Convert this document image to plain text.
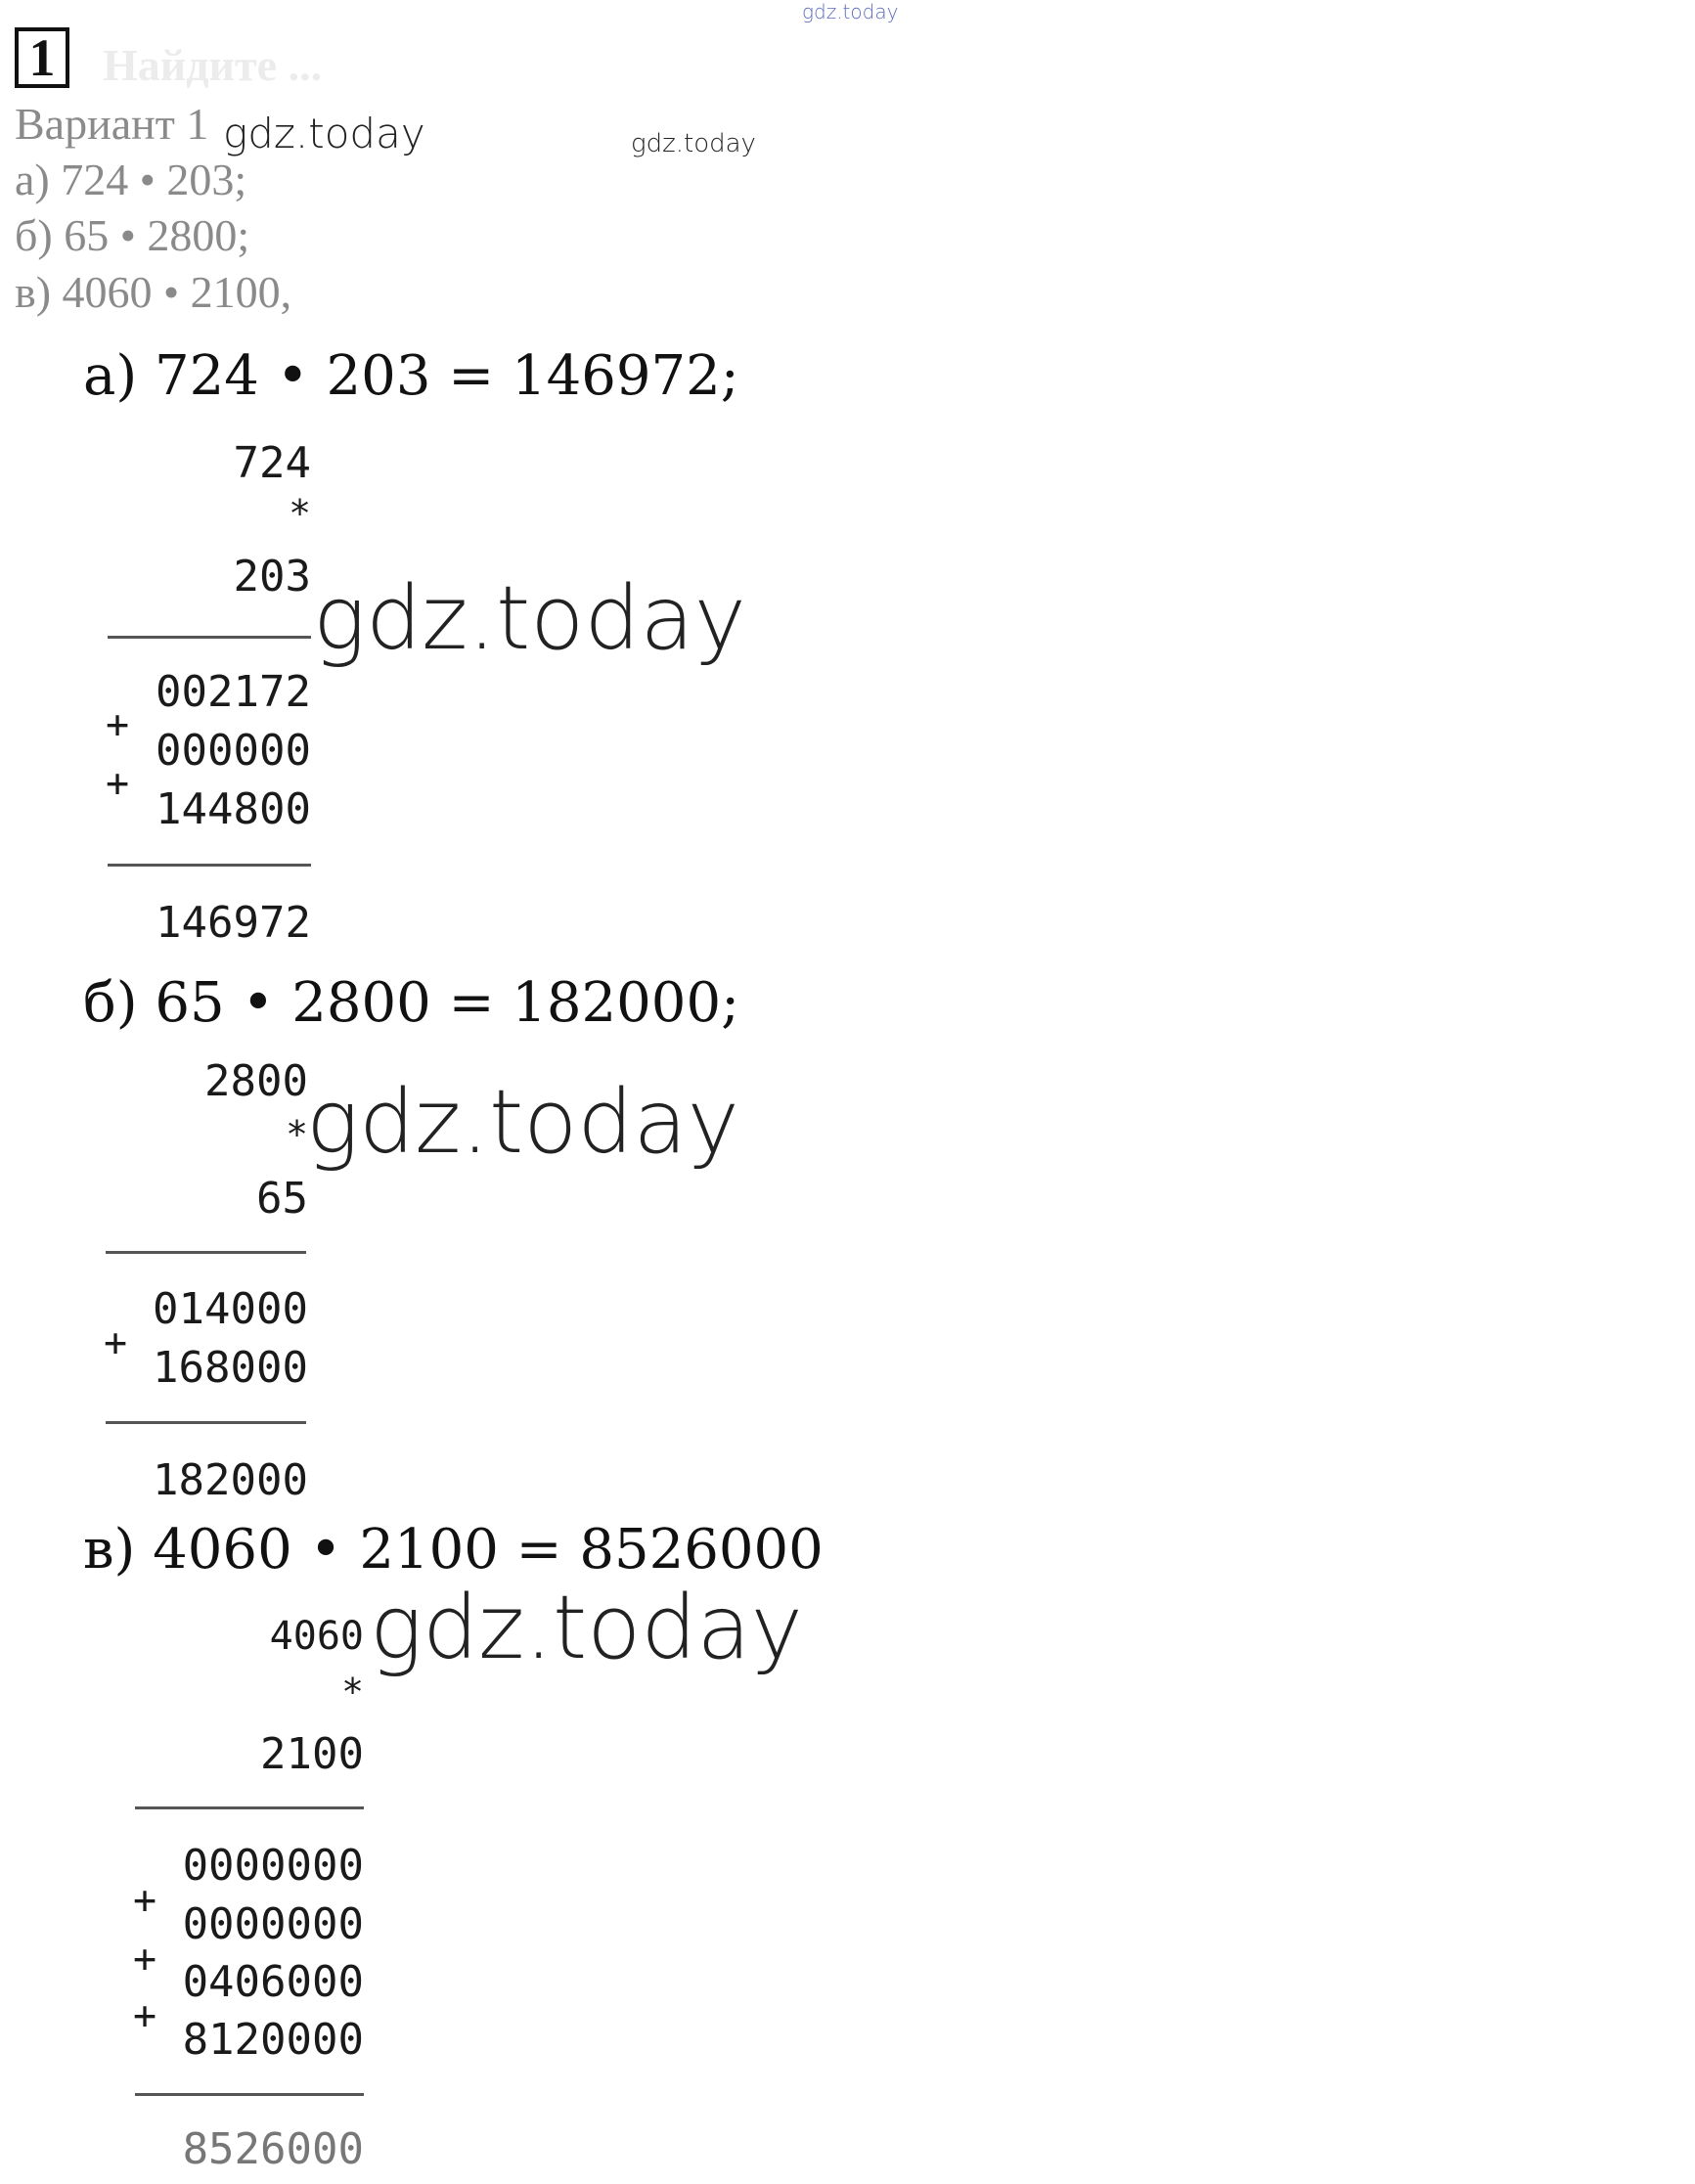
gdz.today
1	Найдите ...
Вариант 1 gdz.today	gdz.today
а) 724 • 203;
б) 65 • 2800;
в) 4060 • 2100,
а) 724 • 203 = 146972;
724
*
203 gdz.today
002172
+
000000
+
144800
146972
б) 65 • 2800 = 182000;
2800
*
gdz.today
65
014000
+ 168000
182000
в) 4060 • 2100 = 8526000
4060 gdz.today
*
2100
0000000
+ 0000000
+ 0406000
+ 8120000
8526000
